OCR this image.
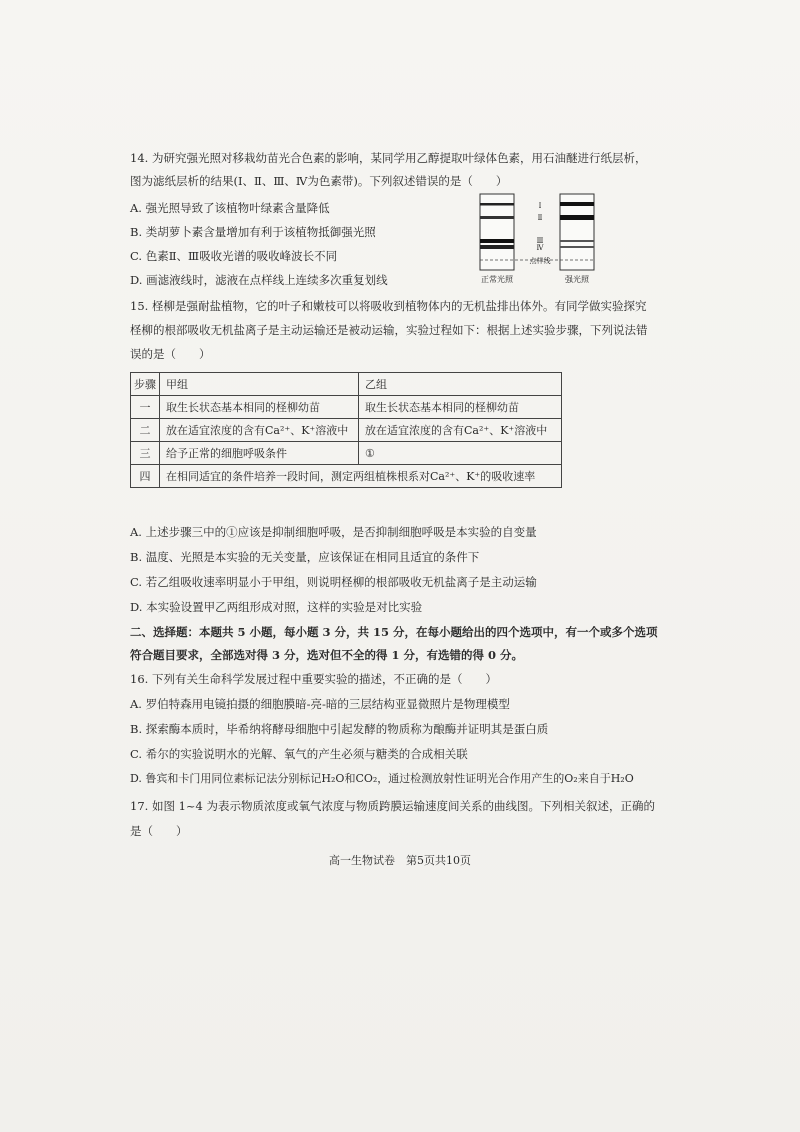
14. 为研究强光照对移栽幼苗光合色素的影响，某同学用乙醇提取叶绿体色素，用石油醚进行纸层析，
图为滤纸层析的结果(Ⅰ、Ⅱ、Ⅲ、Ⅳ为色素带)。下列叙述错误的是（　　）
A. 强光照导致了该植物叶绿素含量降低
B. 类胡萝卜素含量增加有利于该植物抵御强光照
C. 色素Ⅱ、Ⅲ吸收光谱的吸收峰波长不同
D. 画滤液线时，滤液在点样线上连续多次重复划线
Ⅰ
Ⅱ
Ⅲ
Ⅳ
点样线
正常光照	强光照
15. 柽柳是强耐盐植物，它的叶子和嫩枝可以将吸收到植物体内的无机盐排出体外。有同学做实验探究
柽柳的根部吸收无机盐离子是主动运输还是被动运输，实验过程如下：根据上述实验步骤，下列说法错
误的是（　　）
步骤	甲组	乙组
一	取生长状态基本相同的柽柳幼苗	取生长状态基本相同的柽柳幼苗
二	放在适宜浓度的含有Ca²⁺、K⁺溶液中	放在适宜浓度的含有Ca²⁺、K⁺溶液中
三	给予正常的细胞呼吸条件	①
四	在相同适宜的条件培养一段时间，测定两组植株根系对Ca²⁺、K⁺的吸收速率	
A. 上述步骤三中的①应该是抑制细胞呼吸，是否抑制细胞呼吸是本实验的自变量
B. 温度、光照是本实验的无关变量，应该保证在相同且适宜的条件下
C. 若乙组吸收速率明显小于甲组，则说明柽柳的根部吸收无机盐离子是主动运输
D. 本实验设置甲乙两组形成对照，这样的实验是对比实验
二、选择题：本题共 5 小题，每小题 3 分，共 15 分，在每小题给出的四个选项中，有一个或多个选项
符合题目要求，全部选对得 3 分，选对但不全的得 1 分，有选错的得 0 分。
16. 下列有关生命科学发展过程中重要实验的描述，不正确的是（　　）
A. 罗伯特森用电镜拍摄的细胞膜暗-亮-暗的三层结构亚显微照片是物理模型
B. 探索酶本质时，毕希纳将酵母细胞中引起发酵的物质称为酿酶并证明其是蛋白质
C. 希尔的实验说明水的光解、氧气的产生必须与糖类的合成相关联
D. 鲁宾和卡门用同位素标记法分别标记H₂O和CO₂，通过检测放射性证明光合作用产生的O₂来自于H₂O
17. 如图 1~4 为表示物质浓度或氧气浓度与物质跨膜运输速度间关系的曲线图。下列相关叙述，正确的
是（　　）
高一生物试卷　第5页共10页
